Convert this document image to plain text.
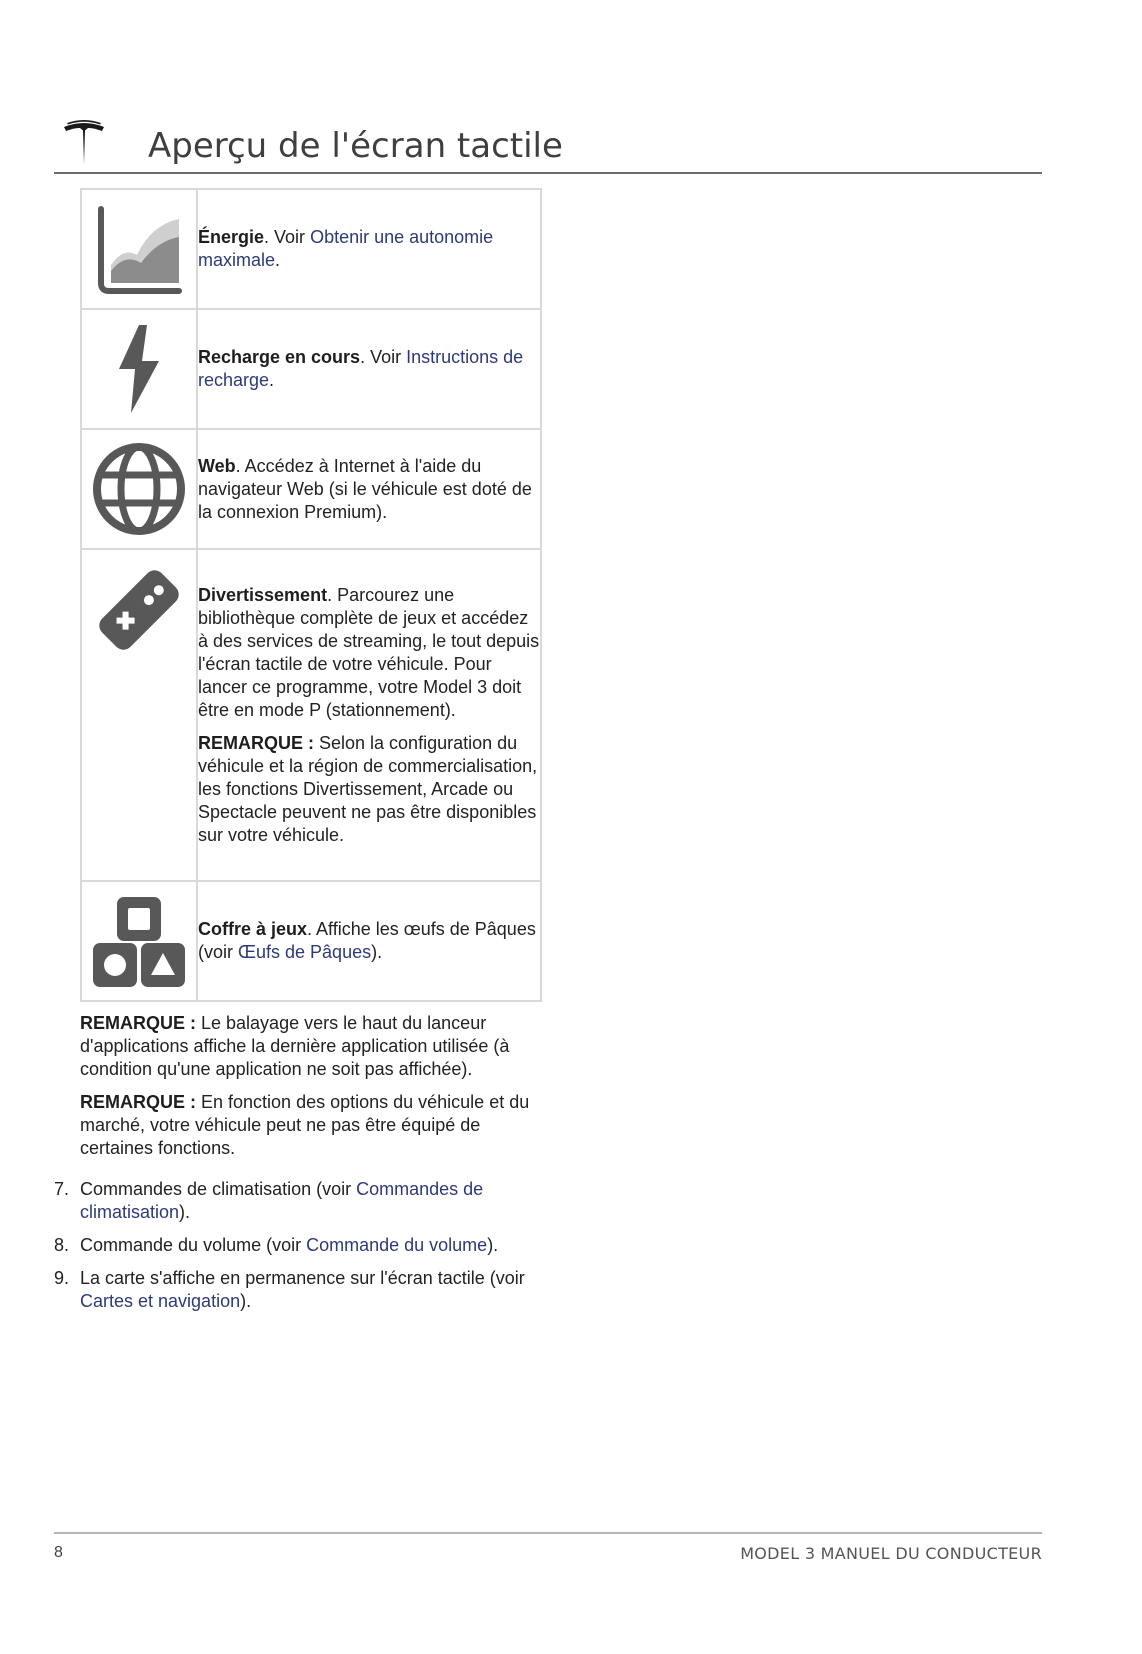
Aperçu de l'écran tactile

Énergie. Voir Obtenir une autonomie maximale.

Recharge en cours. Voir Instructions de recharge.

Web. Accédez à Internet à l'aide du navigateur Web (si le véhicule est doté de la connexion Premium).

Divertissement. Parcourez une bibliothèque complète de jeux et accédez à des services de streaming, le tout depuis l'écran tactile de votre véhicule. Pour lancer ce programme, votre Model 3 doit être en mode P (stationnement).

REMARQUE : Selon la configuration du véhicule et la région de commercialisation, les fonctions Divertissement, Arcade ou Spectacle peuvent ne pas être disponibles sur votre véhicule.

Coffre à jeux. Affiche les œufs de Pâques (voir Œufs de Pâques).

REMARQUE : Le balayage vers le haut du lanceur d'applications affiche la dernière application utilisée (à condition qu'une application ne soit pas affichée).

REMARQUE : En fonction des options du véhicule et du marché, votre véhicule peut ne pas être équipé de certaines fonctions.

7. Commandes de climatisation (voir Commandes de climatisation).
8. Commande du volume (voir Commande du volume).
9. La carte s'affiche en permanence sur l'écran tactile (voir Cartes et navigation).
8	MODEL 3 MANUEL DU CONDUCTEUR
